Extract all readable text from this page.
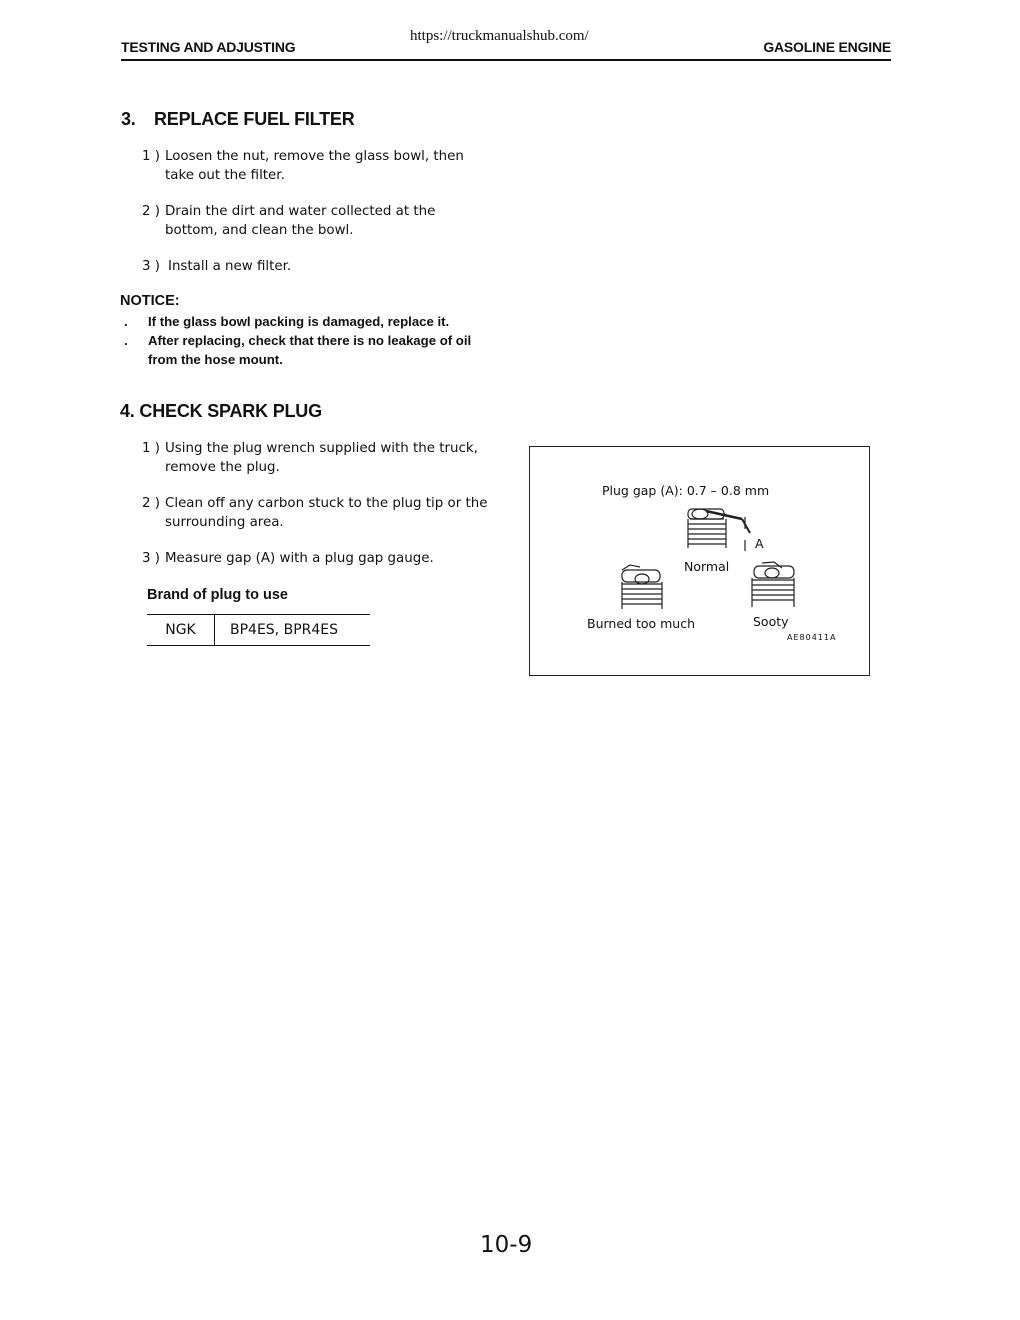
TESTING AND ADJUSTING
https://truckmanualshub.com/
GASOLINE ENGINE
3. REPLACE FUEL FILTER
1 ) Loosen the nut, remove the glass bowl, then take out the filter.
2 ) Drain the dirt and water collected at the bottom, and clean the bowl.
3 ) Install a new filter.
NOTICE:
.	If the glass bowl packing is damaged, replace it.
.	After replacing, check that there is no leakage of oil from the hose mount.
4. CHECK SPARK PLUG
1 ) Using the plug wrench supplied with the truck, remove the plug.
2 ) Clean off any carbon stuck to the plug tip or the surrounding area.
3 ) Measure gap (A) with a plug gap gauge.
Brand of plug to use
NGK	BP4ES, BPR4ES
Plug gap (A): 0.7 – 0.8 mm
A
Normal
Burned too much	Sooty
AE80411A
10-9
